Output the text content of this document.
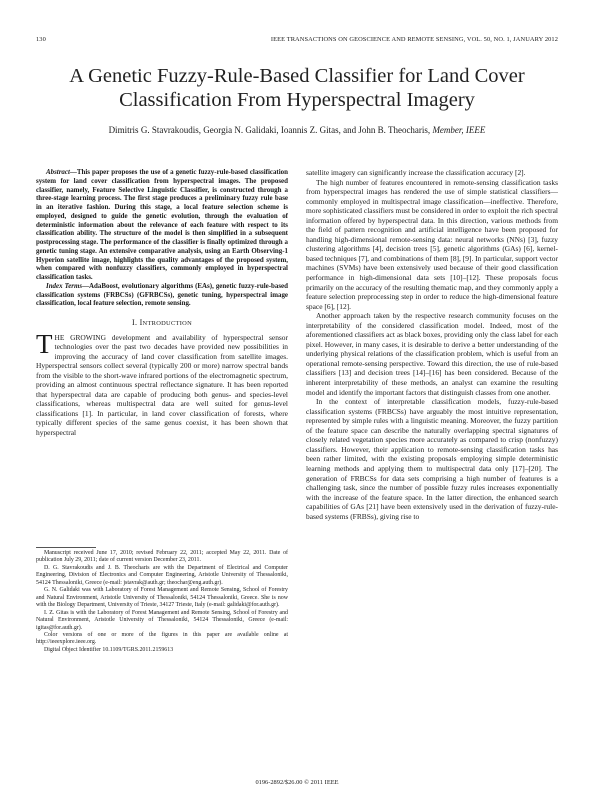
130	IEEE TRANSACTIONS ON GEOSCIENCE AND REMOTE SENSING, VOL. 50, NO. 1, JANUARY 2012
A Genetic Fuzzy-Rule-Based Classifier for Land Cover Classification From Hyperspectral Imagery
Dimitris G. Stavrakoudis, Georgia N. Galidaki, Ioannis Z. Gitas, and John B. Theocharis, Member, IEEE

Abstract—This paper proposes the use of a genetic fuzzy-rule-based classification system for land cover classification from hyperspectral images. The proposed classifier, namely, Feature Selective Linguistic Classifier, is constructed through a three-stage learning process. The first stage produces a preliminary fuzzy rule base in an iterative fashion. During this stage, a local feature selection scheme is employed, designed to guide the genetic evolution, through the evaluation of deterministic information about the relevance of each feature with respect to its classification ability. The structure of the model is then simplified in a subsequent postprocessing stage. The performance of the classifier is finally optimized through a genetic tuning stage. An extensive comparative analysis, using an Earth Observing-1 Hyperion satellite image, highlights the quality advantages of the proposed system, when compared with nonfuzzy classifiers, commonly employed in hyperspectral classification tasks.

Index Terms—AdaBoost, evolutionary algorithms (EAs), genetic fuzzy-rule-based classification systems (FRBCSs) (GFRBCSs), genetic tuning, hyperspectral image classification, local feature selection, remote sensing.

I. INTRODUCTION

THE GROWING development and availability of hyperspectral sensor technologies over the past two decades have provided new possibilities in improving the accuracy of land cover classification from satellite images. Hyperspectral sensors collect several (typically 200 or more) narrow spectral bands from the visible to the short-wave infrared portions of the electromagnetic spectrum, providing an almost continuous spectral reflectance signature. It has been reported that hyperspectral data are capable of producing both genus- and species-level classifications, whereas multispectral data are well suited for genus-level classifications [1]. In particular, in land cover classification of forests, where typically different species of the same genus coexist, it has been shown that hyperspectral

Manuscript received June 17, 2010; revised February 22, 2011; accepted May 22, 2011. Date of publication July 29, 2011; date of current version December 23, 2011.

D. G. Stavrakoudis and J. B. Theocharis are with the Department of Electrical and Computer Engineering, Division of Electronics and Computer Engineering, Aristotle University of Thessaloniki, 54124 Thessaloniki, Greece (e-mail: jstavrak@auth.gr; theochar@eng.auth.gr).

G. N. Galidaki was with Laboratory of Forest Management and Remote Sensing, School of Forestry and Natural Environment, Aristotle University of Thessaloniki, 54124 Thessaloniki, Greece. She is now with the Biology Department, University of Trieste, 34127 Trieste, Italy (e-mail: galidaki@for.auth.gr).

I. Z. Gitas is with the Laboratory of Forest Management and Remote Sensing, School of Forestry and Natural Environment, Aristotle University of Thessaloniki, 54124 Thessaloniki, Greece (e-mail: igitas@for.auth.gr).

Color versions of one or more of the figures in this paper are available online at http://ieeexplore.ieee.org.

Digital Object Identifier 10.1109/TGRS.2011.2159613

satellite imagery can significantly increase the classification accuracy [2].

The high number of features encountered in remote-sensing classification tasks from hyperspectral images has rendered the use of simple statistical classifiers—commonly employed in multispectral image classification—ineffective. Therefore, more sophisticated classifiers must be considered in order to exploit the rich spectral information offered by hyperspectral data. In this direction, various methods from the field of pattern recognition and artificial intelligence have been proposed for handling high-dimensional remote-sensing data: neural networks (NNs) [3], fuzzy clustering algorithms [4], decision trees [5], genetic algorithms (GAs) [6], kernel-based techniques [7], and combinations of them [8], [9]. In particular, support vector machines (SVMs) have been extensively used because of their good classification performance in high-dimensional data sets [10]–[12]. These proposals focus primarily on the accuracy of the resulting thematic map, and they commonly apply a feature selection preprocessing step in order to reduce the high-dimensional feature space [6], [12].

Another approach taken by the respective research community focuses on the interpretability of the considered classification model. Indeed, most of the aforementioned classifiers act as black boxes, providing only the class label for each pixel. However, in many cases, it is desirable to derive a better understanding of the underlying physical relations of the classification problem, which is useful from an operational remote-sensing perspective. Toward this direction, the use of rule-based classifiers [13] and decision trees [14]–[16] has been considered. Because of the inherent interpretability of these methods, an analyst can examine the resulting model and identify the important factors that distinguish classes from one another.

In the context of interpretable classification models, fuzzy-rule-based classification systems (FRBCSs) have arguably the most intuitive representation, represented by simple rules with a linguistic meaning. Moreover, the fuzzy partition of the feature space can describe the naturally overlapping spectral signatures of closely related vegetation species more accurately as compared to crisp (nonfuzzy) classifiers. However, their application to remote-sensing classification tasks has been rather limited, with the existing proposals employing simple deterministic learning methods and applying them to multispectral data only [17]–[20]. The generation of FRBCSs for data sets comprising a high number of features is a challenging task, since the number of possible fuzzy rules increases exponentially with the increase of the feature space. In the latter direction, the enhanced search capabilities of GAs [21] have been extensively used in the derivation of fuzzy-rule-based systems (FRBSs), giving rise to

0196-2892/$26.00 © 2011 IEEE
